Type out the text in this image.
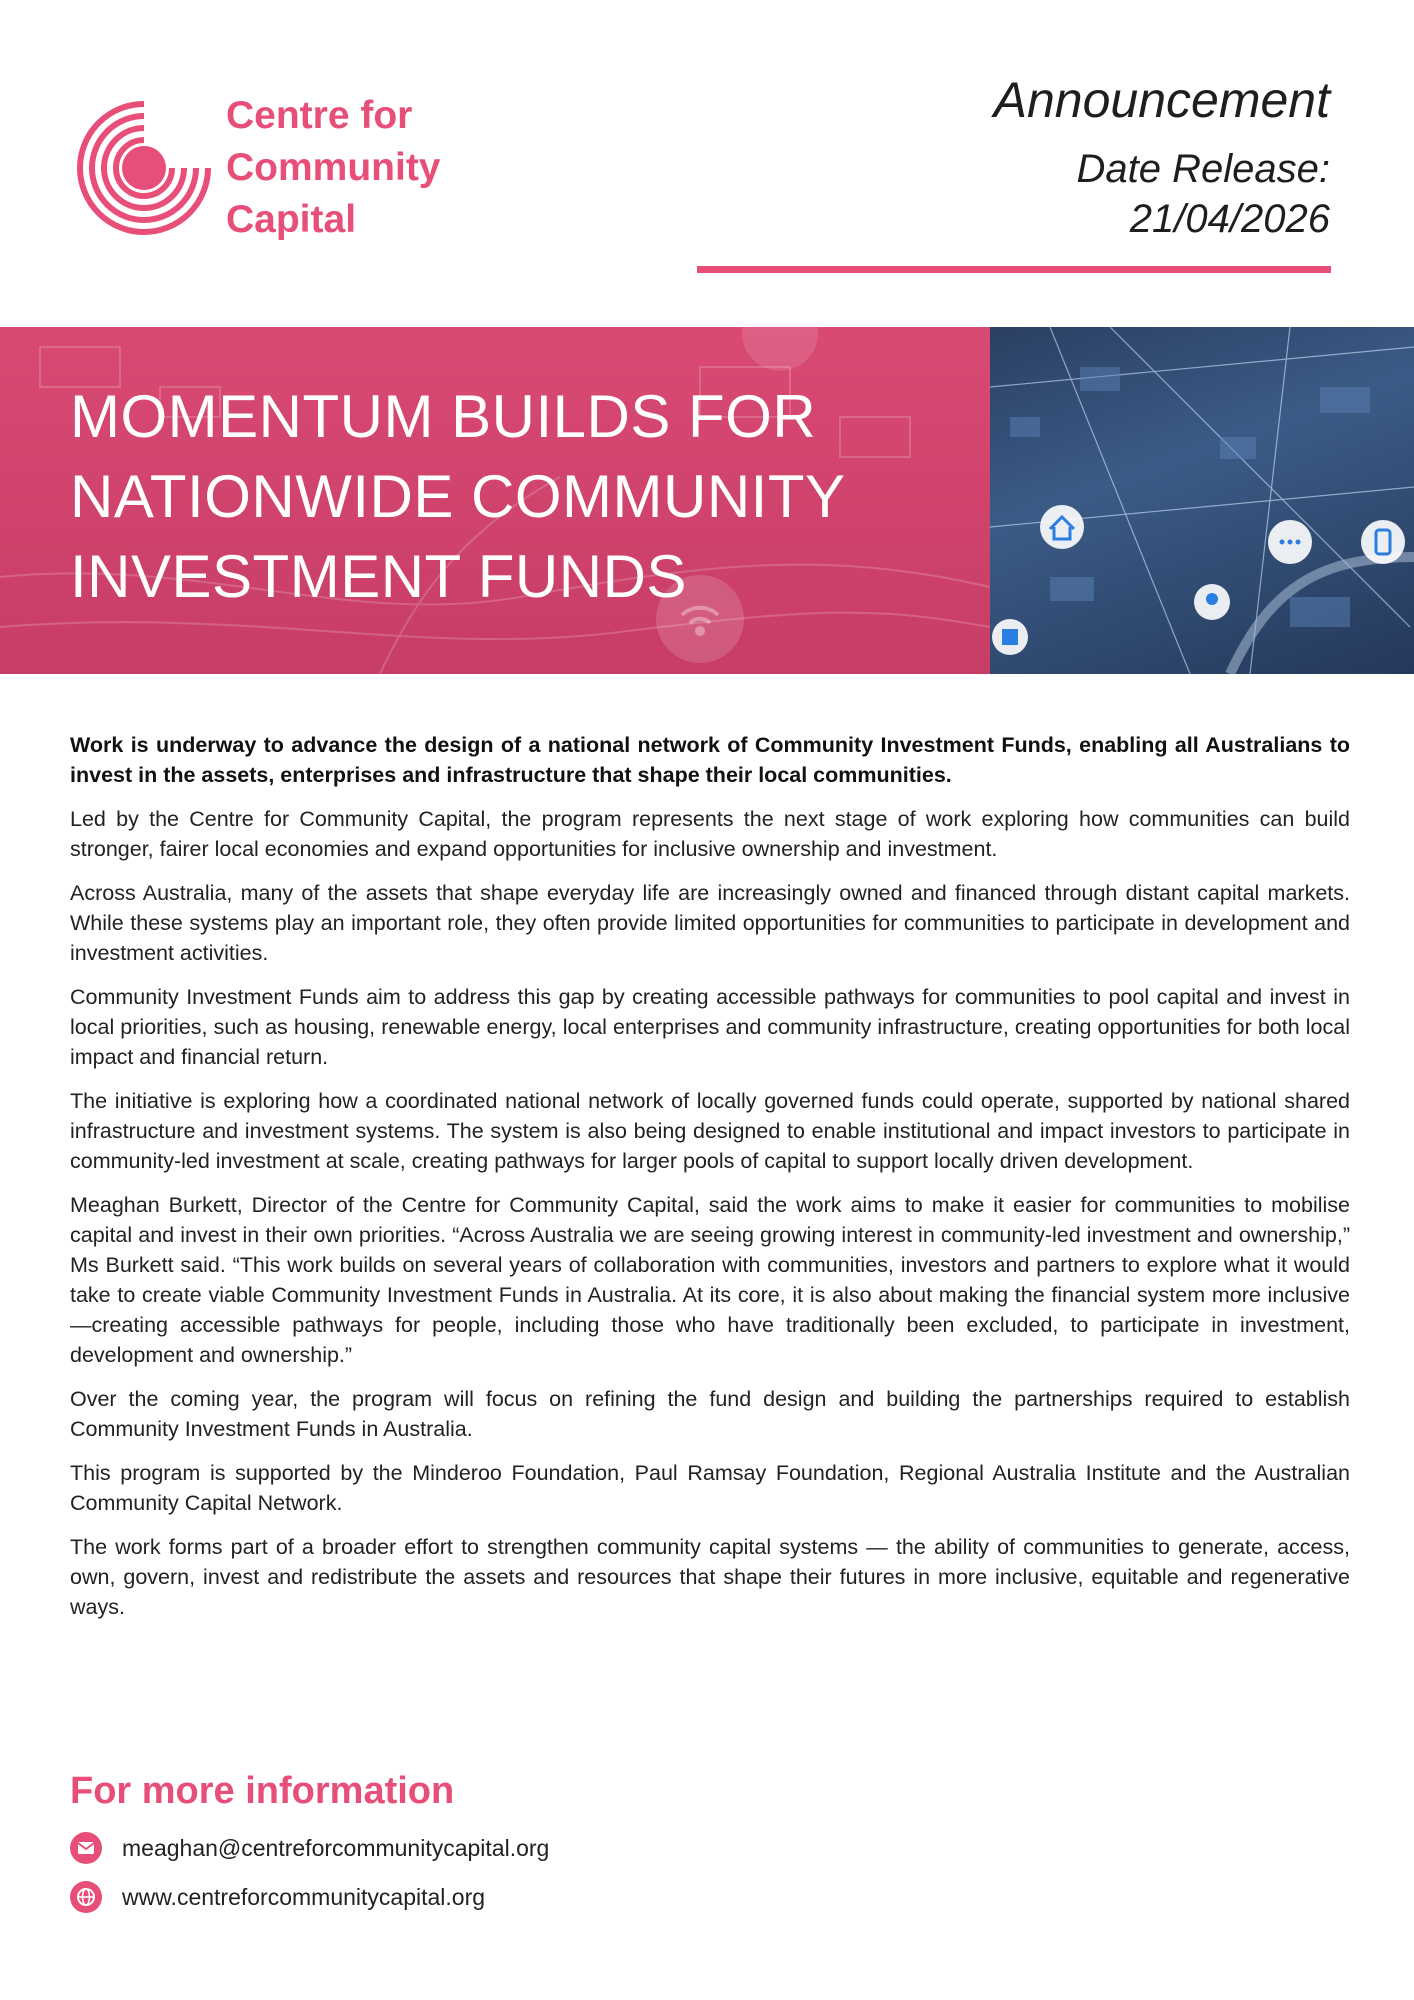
Centre for
Community
Capital
Announcement
Date Release:
21/04/2026
MOMENTUM BUILDS FOR
NATIONWIDE COMMUNITY
INVESTMENT FUNDS

Work is underway to advance the design of a national network of Community Investment Funds, enabling all Australians to invest in the assets, enterprises and infrastructure that shape their local communities.

Led by the Centre for Community Capital, the program represents the next stage of work exploring how communities can build stronger, fairer local economies and expand opportunities for inclusive ownership and investment.

Across Australia, many of the assets that shape everyday life are increasingly owned and financed through distant capital markets. While these systems play an important role, they often provide limited opportunities for communities to participate in development and investment activities.

Community Investment Funds aim to address this gap by creating accessible pathways for communities to pool capital and invest in local priorities, such as housing, renewable energy, local enterprises and community infrastructure, creating opportunities for both local impact and financial return.

The initiative is exploring how a coordinated national network of locally governed funds could operate, supported by national shared infrastructure and investment systems. The system is also being designed to enable institutional and impact investors to participate in community-led investment at scale, creating pathways for larger pools of capital to support locally driven development.

Meaghan Burkett, Director of the Centre for Community Capital, said the work aims to make it easier for communities to mobilise capital and invest in their own priorities. “Across Australia we are seeing growing interest in community-led investment and ownership,” Ms Burkett said. “This work builds on several years of collaboration with communities, investors and partners to explore what it would take to create viable Community Investment Funds in Australia. At its core, it is also about making the financial system more inclusive—creating accessible pathways for people, including those who have traditionally been excluded, to participate in investment, development and ownership.”

Over the coming year, the program will focus on refining the fund design and building the partnerships required to establish Community Investment Funds in Australia.

This program is supported by the Minderoo Foundation, Paul Ramsay Foundation, Regional Australia Institute and the Australian Community Capital Network.

The work forms part of a broader effort to strengthen community capital systems — the ability of communities to generate, access, own, govern, invest and redistribute the assets and resources that shape their futures in more inclusive, equitable and regenerative ways.

For more information
meaghan@centreforcommunitycapital.org
www.centreforcommunitycapital.org
